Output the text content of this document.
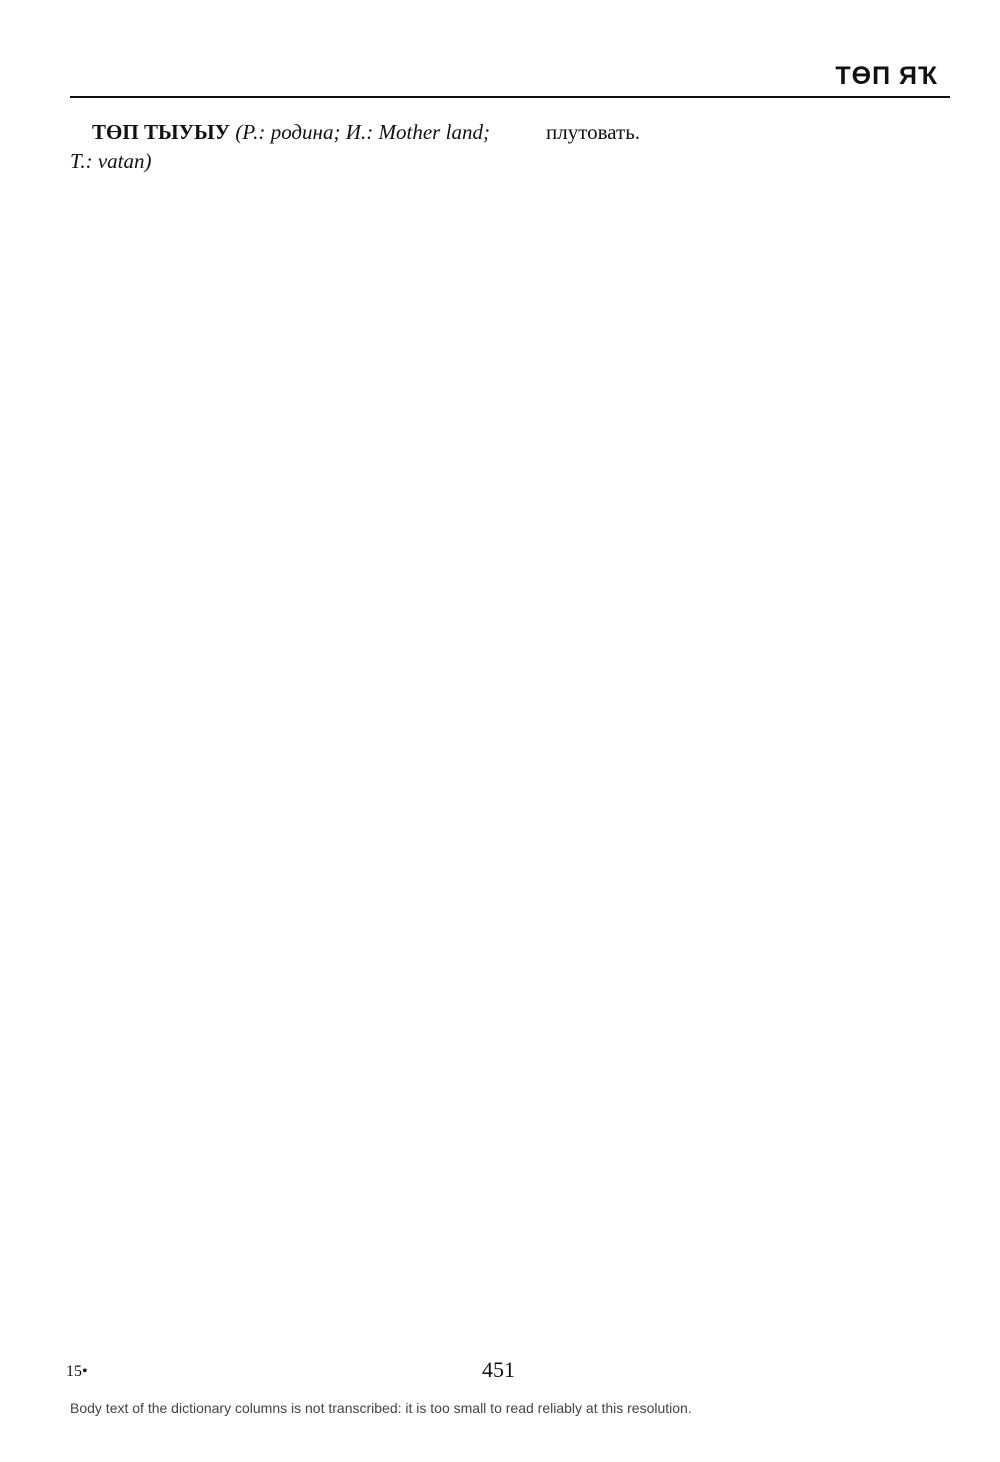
ТӨП ЯҠ

ТӨП ТЫУЫУ (Р.: родина; И.: Mother land; Т.: vatan)

плутовать.

15•	451
Body text of the dictionary columns is not transcribed: it is too small to read reliably at this resolution.
